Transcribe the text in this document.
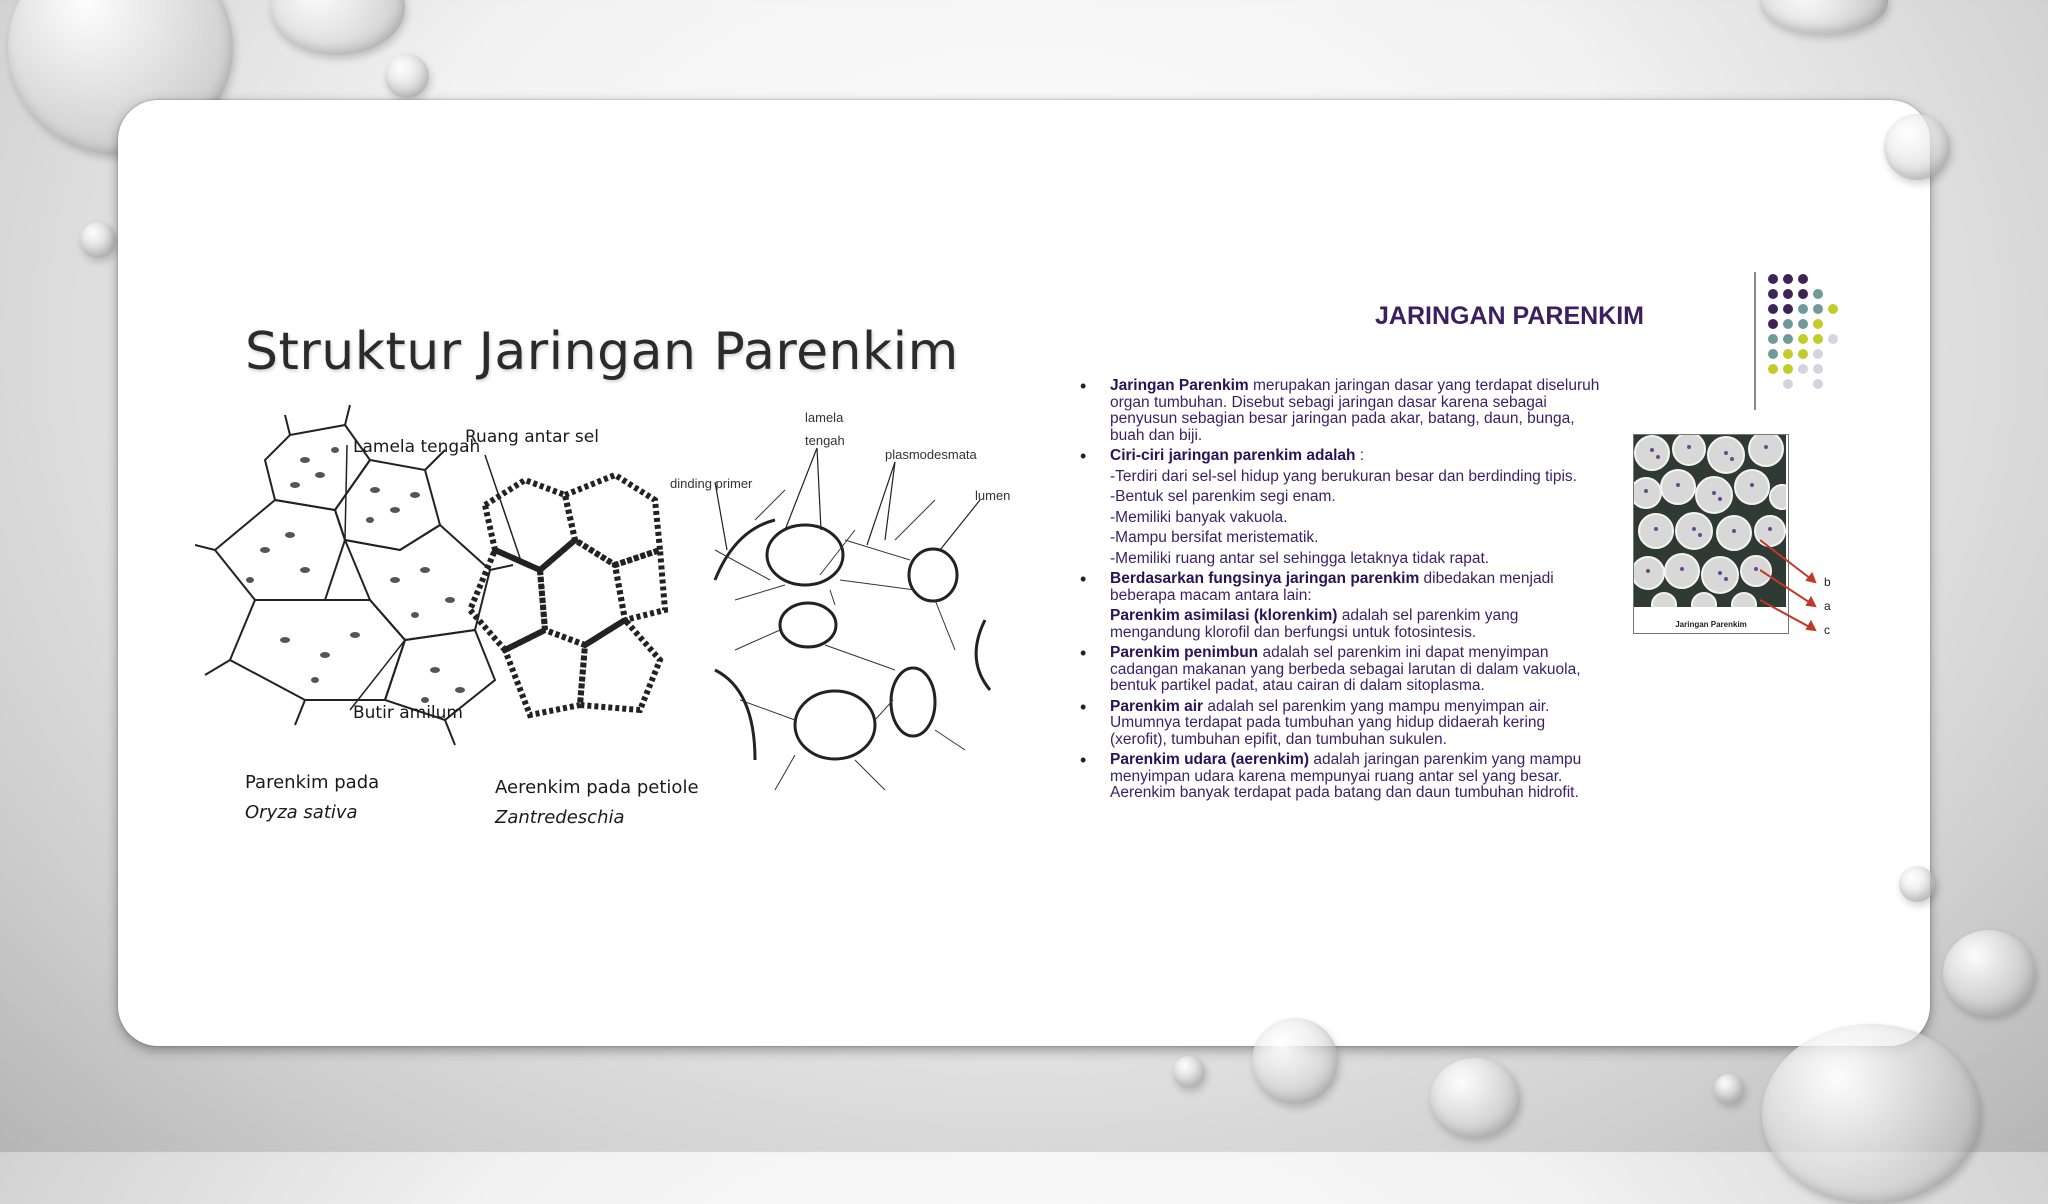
Struktur Jaringan Parenkim
Lamela tengah
Butir amilum
Parenkim pada
Oryza sativa
Ruang antar sel
Aerenkim pada petiole
Zantredeschia
lamela
tengah
plasmodesmata
dinding primer
lumen
JARINGAN PARENKIM
• Jaringan Parenkim merupakan jaringan dasar yang terdapat diseluruh organ tumbuhan. Disebut sebagi jaringan dasar karena sebagai penyusun sebagian besar jaringan pada akar, batang, daun, bunga, buah dan biji.
• Ciri-ciri jaringan parenkim adalah :
-Terdiri dari sel-sel hidup yang berukuran besar dan berdinding tipis.
-Bentuk sel parenkim segi enam.
-Memiliki banyak vakuola.
-Mampu bersifat meristematik.
-Memiliki ruang antar sel sehingga letaknya tidak rapat.
• Berdasarkan fungsinya jaringan parenkim dibedakan menjadi beberapa macam antara lain:
Parenkim asimilasi (klorenkim) adalah sel parenkim yang mengandung klorofil dan berfungsi untuk fotosintesis.
• Parenkim penimbun adalah sel parenkim ini dapat menyimpan cadangan makanan yang berbeda sebagai larutan di dalam vakuola, bentuk partikel padat, atau cairan di dalam sitoplasma.
• Parenkim air adalah sel parenkim yang mampu menyimpan air. Umumnya terdapat pada tumbuhan yang hidup didaerah kering (xerofit), tumbuhan epifit, dan tumbuhan sukulen.
• Parenkim udara (aerenkim) adalah jaringan parenkim yang mampu menyimpan udara karena mempunyai ruang antar sel yang besar. Aerenkim banyak terdapat pada batang dan daun tumbuhan hidrofit.
Jaringan Parenkim
b
a
c
